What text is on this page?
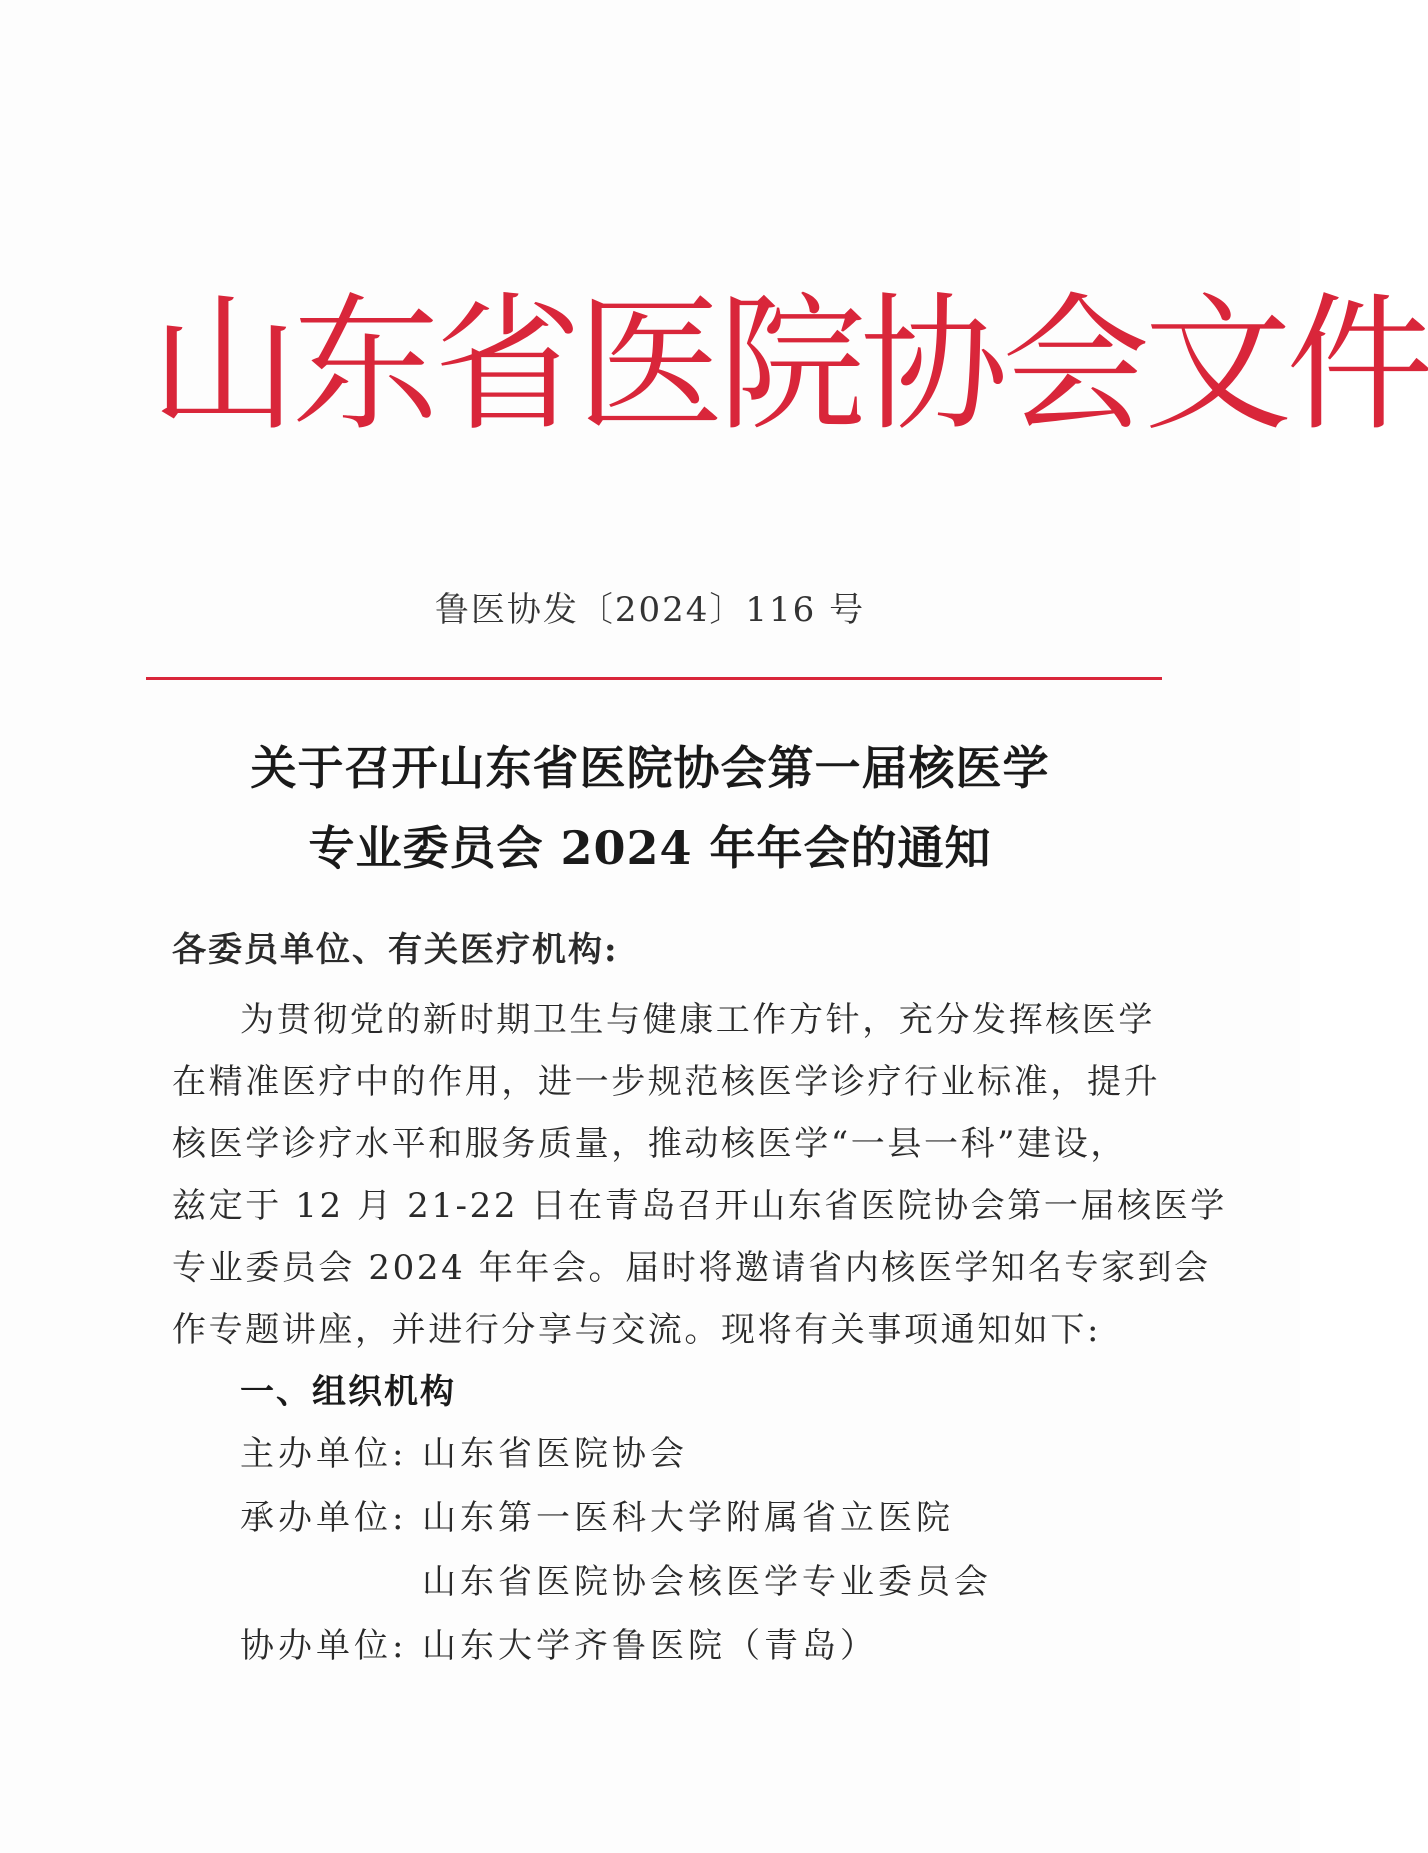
山东省医院协会文件
鲁医协发〔2024〕116 号
关于召开山东省医院协会第一届核医学
专业委员会 2024 年年会的通知
各委员单位、有关医疗机构:
为贯彻党的新时期卫生与健康工作方针，充分发挥核医学
在精准医疗中的作用，进一步规范核医学诊疗行业标准，提升
核医学诊疗水平和服务质量，推动核医学“一县一科”建设，
兹定于 12 月 21-22 日在青岛召开山东省医院协会第一届核医学
专业委员会 2024 年年会。届时将邀请省内核医学知名专家到会
作专题讲座，并进行分享与交流。现将有关事项通知如下:
一、组织机构
主办单位: 山东省医院协会
承办单位: 山东第一医科大学附属省立医院
山东省医院协会核医学专业委员会
协办单位: 山东大学齐鲁医院（青岛）
